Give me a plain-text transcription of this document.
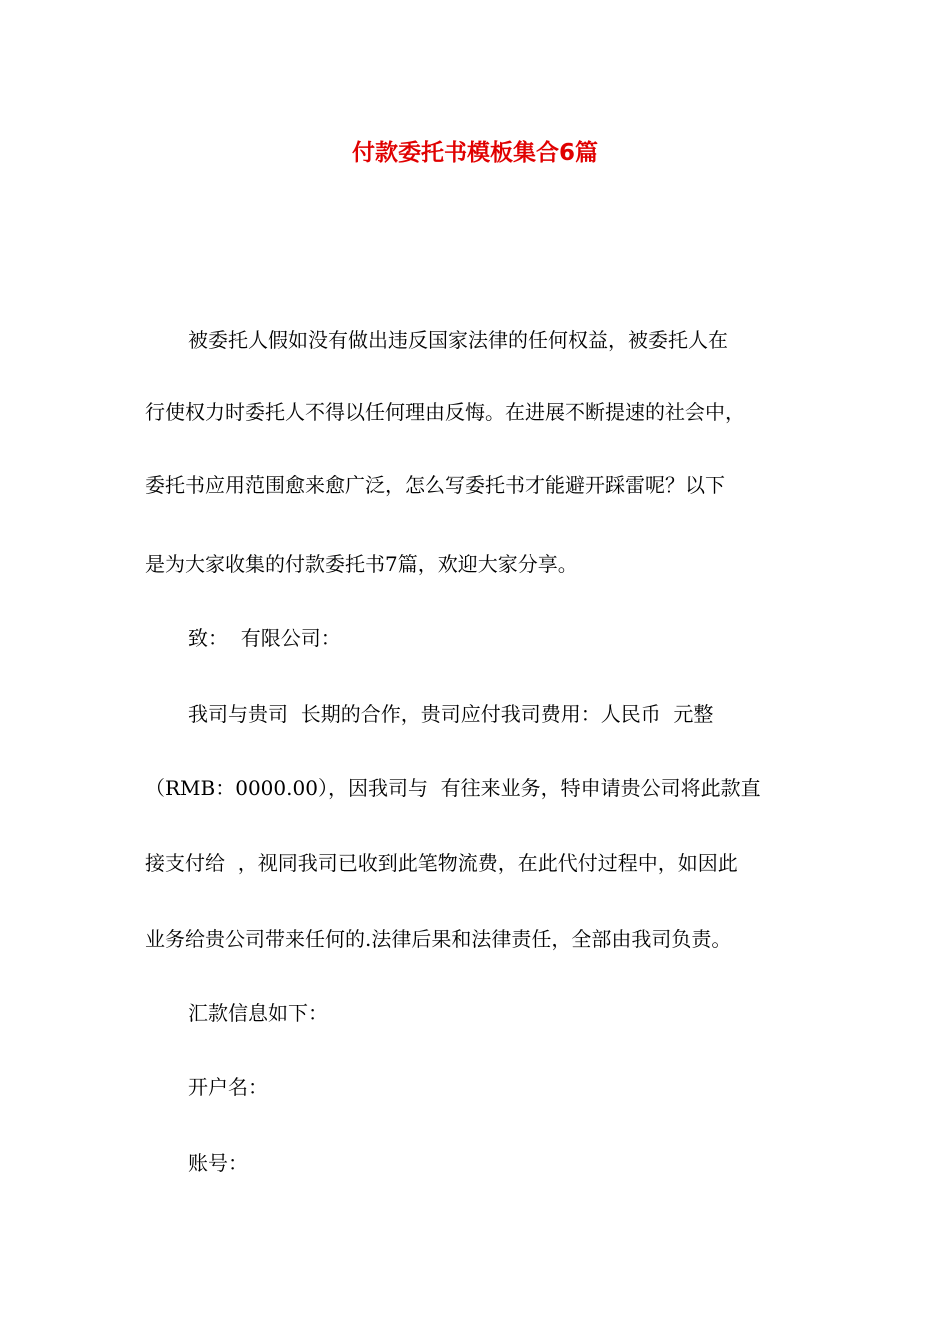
付款委托书模板集合6篇

被委托人假如没有做出违反国家法律的任何权益，被委托人在

行使权力时委托人不得以任何理由反悔。在进展不断提速的社会中，

委托书应用范围愈来愈广泛，怎么写委托书才能避开踩雷呢？以下

是为大家收集的付款委托书7篇，欢迎大家分享。

致：  有限公司：

我司与贵司  长期的合作，贵司应付我司费用：人民币  元整

（RMB：0000.00），因我司与  有往来业务，特申请贵公司将此款直

接支付给  ，视同我司已收到此笔物流费，在此代付过程中，如因此

业务给贵公司带来任何的.法律后果和法律责任，全部由我司负责。

汇款信息如下：

开户名：

账号：
